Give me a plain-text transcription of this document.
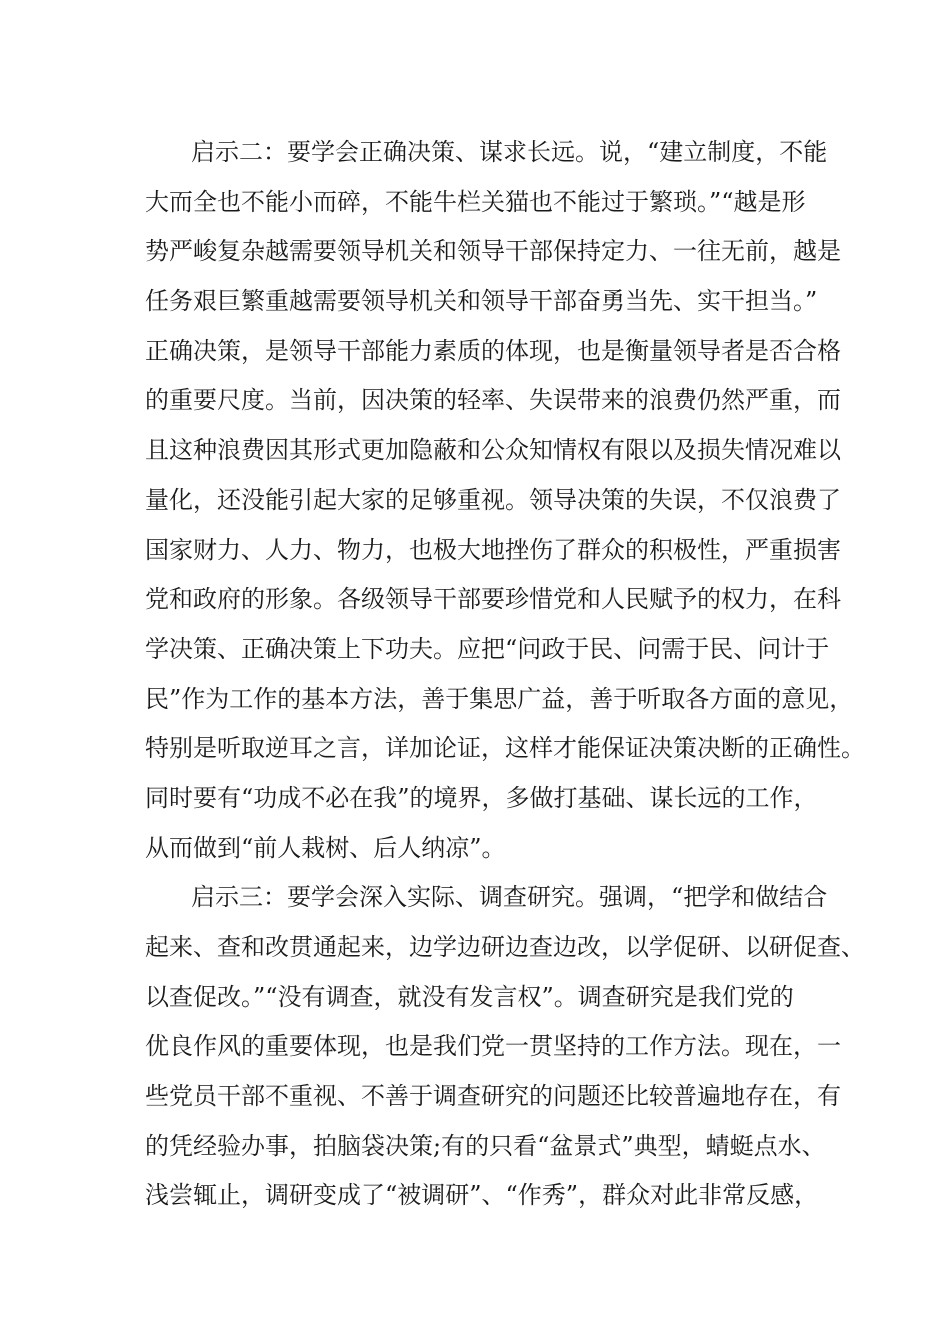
启示二：要学会正确决策、谋求长远。说，“建立制度，不能
大而全也不能小而碎，不能牛栏关猫也不能过于繁琐。”“越是形
势严峻复杂越需要领导机关和领导干部保持定力、一往无前，越是
任务艰巨繁重越需要领导机关和领导干部奋勇当先、实干担当。”
正确决策，是领导干部能力素质的体现，也是衡量领导者是否合格
的重要尺度。当前，因决策的轻率、失误带来的浪费仍然严重，而
且这种浪费因其形式更加隐蔽和公众知情权有限以及损失情况难以
量化，还没能引起大家的足够重视。领导决策的失误，不仅浪费了
国家财力、人力、物力，也极大地挫伤了群众的积极性，严重损害
党和政府的形象。各级领导干部要珍惜党和人民赋予的权力，在科
学决策、正确决策上下功夫。应把“问政于民、问需于民、问计于
民”作为工作的基本方法，善于集思广益，善于听取各方面的意见，
特别是听取逆耳之言，详加论证，这样才能保证决策决断的正确性。
同时要有“功成不必在我”的境界，多做打基础、谋长远的工作，
从而做到“前人栽树、后人纳凉”。
启示三：要学会深入实际、调查研究。强调，“把学和做结合
起来、查和改贯通起来，边学边研边查边改，以学促研、以研促查、
以查促改。”“没有调查，就没有发言权”。调查研究是我们党的
优良作风的重要体现，也是我们党一贯坚持的工作方法。现在，一
些党员干部不重视、不善于调查研究的问题还比较普遍地存在，有
的凭经验办事，拍脑袋决策;有的只看“盆景式”典型，蜻蜓点水、
浅尝辄止，调研变成了“被调研”、“作秀”，群众对此非常反感，
